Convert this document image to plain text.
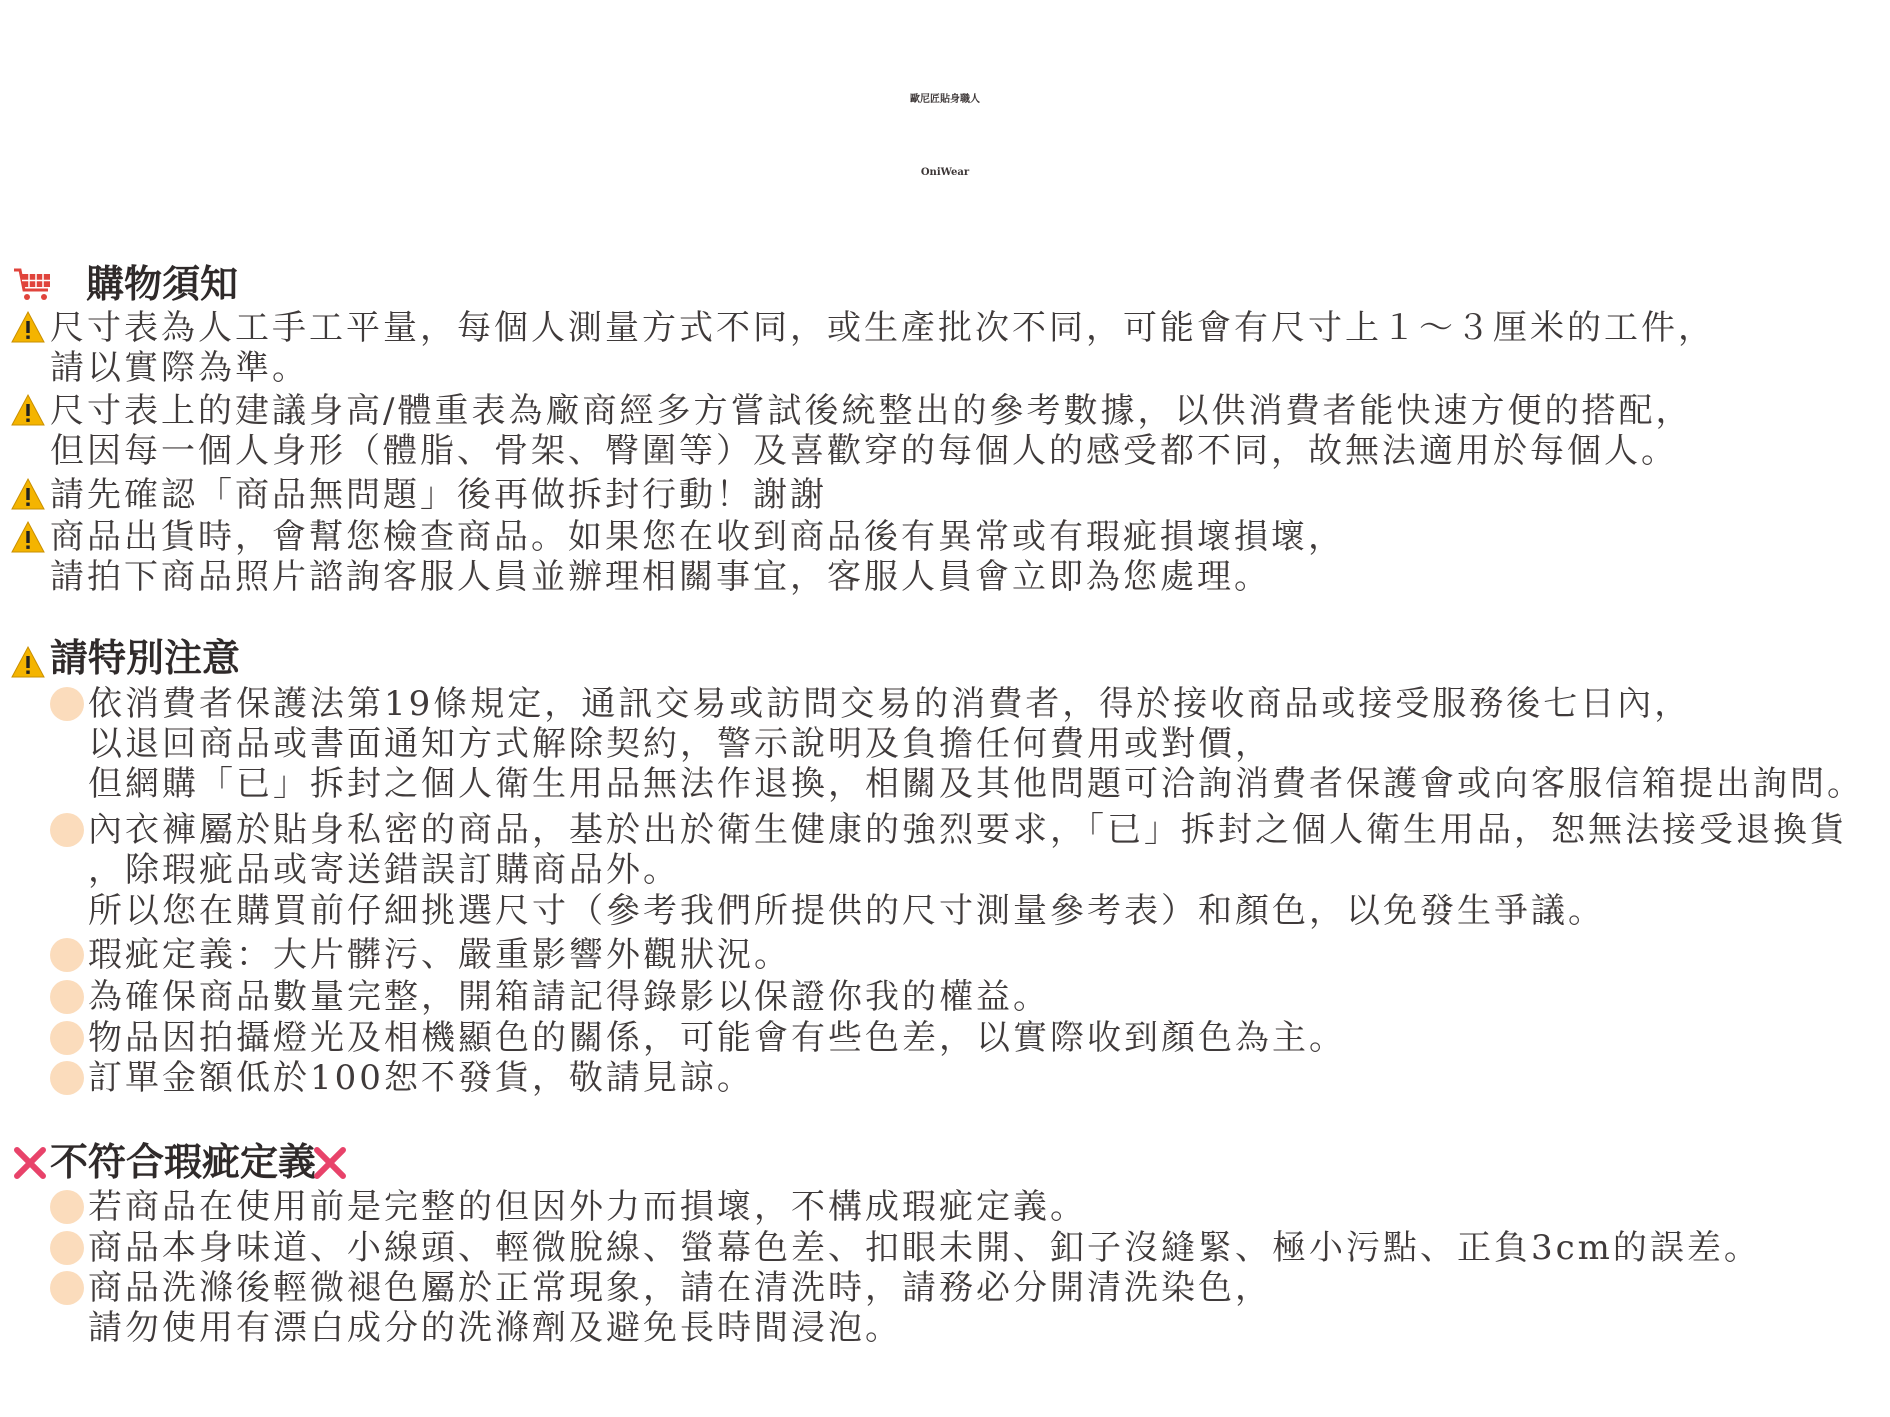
歐尼匠貼身職人
OniWear
購物須知
尺寸表為人工手工平量，每個人測量方式不同，或生產批次不同，可能會有尺寸上１～３厘米的工件，
請以實際為準。
尺寸表上的建議身高/體重表為廠商經多方嘗試後統整出的參考數據，以供消費者能快速方便的搭配，
但因每一個人身形（體脂、骨架、臀圍等）及喜歡穿的每個人的感受都不同，故無法適用於每個人。
請先確認「商品無問題」後再做拆封行動！謝謝
商品出貨時，會幫您檢查商品。如果您在收到商品後有異常或有瑕疵損壞損壞，
請拍下商品照片諮詢客服人員並辦理相關事宜，客服人員會立即為您處理。
請特別注意
依消費者保護法第19條規定，通訊交易或訪問交易的消費者，得於接收商品或接受服務後七日內，
以退回商品或書面通知方式解除契約，警示說明及負擔任何費用或對價，
但網購「已」拆封之個人衛生用品無法作退換，相關及其他問題可洽詢消費者保護會或向客服信箱提出詢問。
內衣褲屬於貼身私密的商品，基於出於衛生健康的強烈要求，「已」拆封之個人衛生用品，恕無法接受退換貨
，除瑕疵品或寄送錯誤訂購商品外。
所以您在購買前仔細挑選尺寸（參考我們所提供的尺寸測量參考表）和顏色，以免發生爭議。
瑕疵定義：大片髒污、嚴重影響外觀狀況。
為確保商品數量完整，開箱請記得錄影以保證你我的權益。
物品因拍攝燈光及相機顯色的關係，可能會有些色差，以實際收到顏色為主。
訂單金額低於100恕不發貨，敬請見諒。
不符合瑕疵定義
若商品在使用前是完整的但因外力而損壞，不構成瑕疵定義。
商品本身味道、小線頭、輕微脫線、螢幕色差、扣眼未開、釦子沒縫緊、極小污點、正負3cm的誤差。
商品洗滌後輕微褪色屬於正常現象，請在清洗時，請務必分開清洗染色，
請勿使用有漂白成分的洗滌劑及避免長時間浸泡。
